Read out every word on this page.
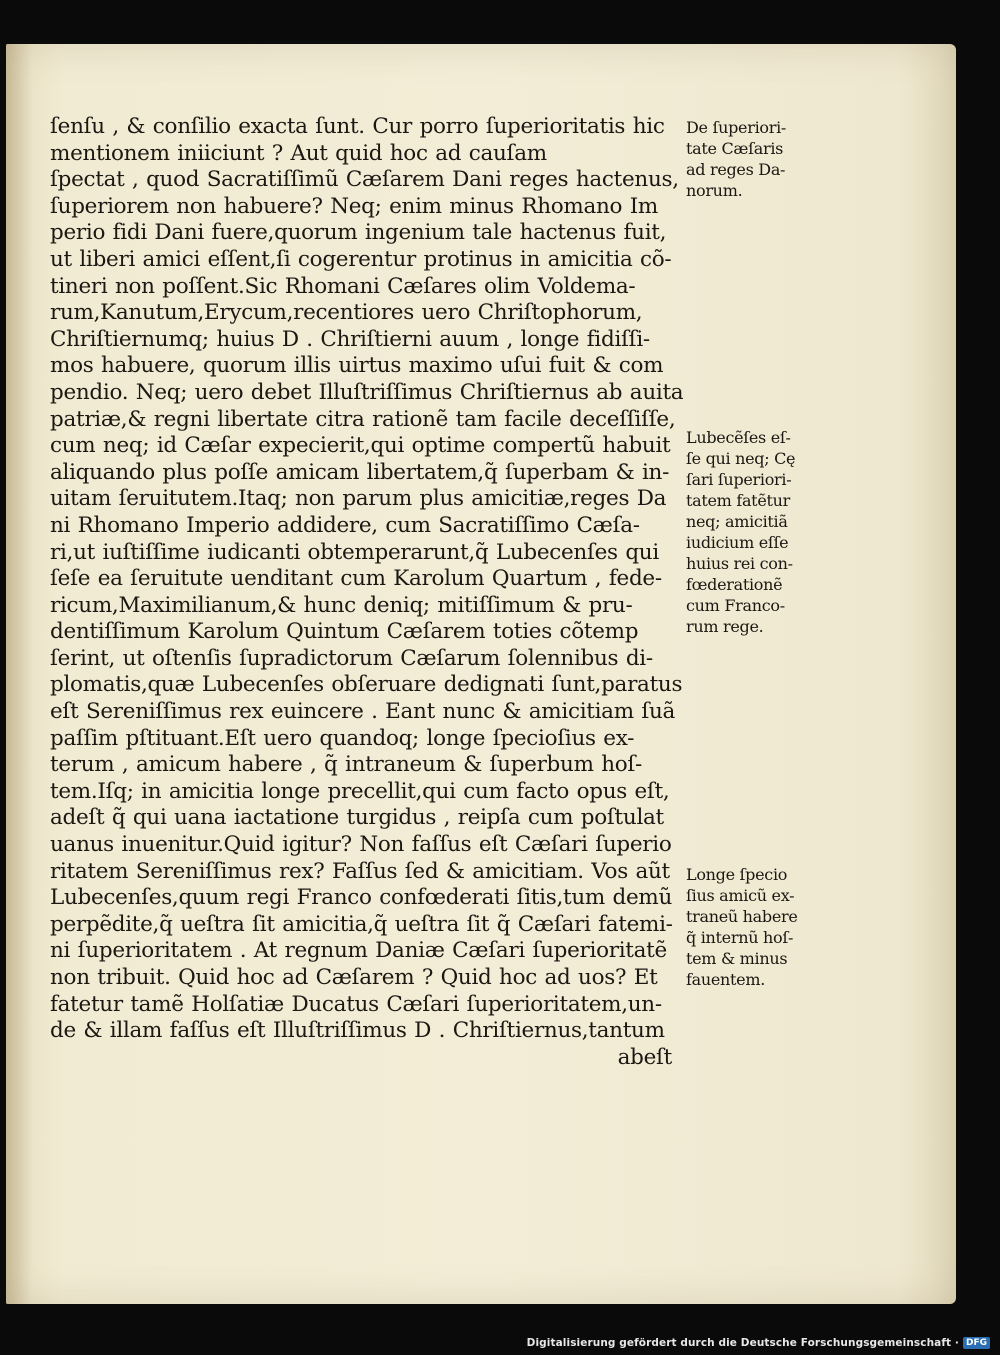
ſenſu , & conſilio exacta ſunt. Cur porro ſuperioritatis hic
mentionem iniiciunt ? Aut quid hoc ad cauſam
ſpectat , quod Sacratiſſimũ Cæſarem Dani reges hactenus,
ſuperiorem non habuere? Neq; enim minus Rhomano Im
perio fidi Dani fuere,quorum ingenium tale hactenus fuit,
ut liberi amici eſſent,ſi cogerentur protinus in amicitia cõ-
tineri non poſſent.Sic Rhomani Cæſares olim Voldema-
rum,Kanutum,Erycum,recentiores uero Chriſtophorum,
Chriſtiernumq; huius D . Chriſtierni auum , longe fidiſſi-
mos habuere, quorum illis uirtus maximo uſui fuit & com
pendio. Neq; uero debet Illuſtriſſimus Chriſtiernus ab auita
patriæ,& regni libertate citra rationẽ tam facile deceſſiſſe,
cum neq; id Cæſar expecierit,qui optime compertũ habuit
aliquando plus poſſe amicam libertatem,q̃ ſuperbam & in-
uitam ſeruitutem.Itaq; non parum plus amicitiæ,reges Da
ni Rhomano Imperio addidere, cum Sacratiſſimo Cæſa-
ri,ut iuſtiſſime iudicanti obtemperarunt,q̃ Lubecenſes qui
ſeſe ea ſeruitute uenditant cum Karolum Quartum , fede-
ricum,Maximilianum,& hunc deniq; mitiſſimum & pru-
dentiſſimum Karolum Quintum Cæſarem toties cõtemp
ſerint, ut oſtenſis ſupradictorum Cæſarum ſolennibus di-
plomatis,quæ Lubecenſes obſeruare dedignati ſunt,paratus
eſt Sereniſſimus rex euincere . Eant nunc & amicitiam ſuã
paſſim pſtituant.Eſt uero quandoq; longe ſpecioſius ex-
terum , amicum habere , q̃ intraneum & ſuperbum hoſ-
tem.Iſq; in amicitia longe precellit,qui cum facto opus eſt,
adeſt q̃ qui uana iactatione turgidus , reipſa cum poſtulat
uanus inuenitur.Quid igitur? Non faſſus eſt Cæſari ſuperio
ritatem Sereniſſimus rex? Faſſus ſed & amicitiam. Vos aũt
Lubecenſes,quum regi Franco confœderati ſitis,tum demũ
perpẽdite,q̃ ueſtra ſit amicitia,q̃ ueſtra ſit q̃ Cæſari fatemi-
ni ſuperioritatem . At regnum Daniæ Cæſari ſuperioritatẽ
non tribuit. Quid hoc ad Cæſarem ? Quid hoc ad uos? Et
fatetur tamẽ Holſatiæ Ducatus Cæſari ſuperioritatem,un-
de & illam faſſus eſt Illuſtriſſimus D . Chriſtiernus,tantum
abeſt
De ſuperiori-
tate Cæſaris
ad reges Da-
norum.
Lubecẽſes eſ-
ſe qui neq; Cę
ſari ſuperiori-
tatem fatẽtur
neq; amicitiã
iudicium eſſe
huius rei con-
fœderationẽ
cum Franco-
rum rege.
Longe ſpecio
ſius amicũ ex-
traneũ habere
q̃ internũ hoſ-
tem & minus
fauentem.
Digitalisierung gefördert durch die Deutsche Forschungsgemeinschaft · DFG
